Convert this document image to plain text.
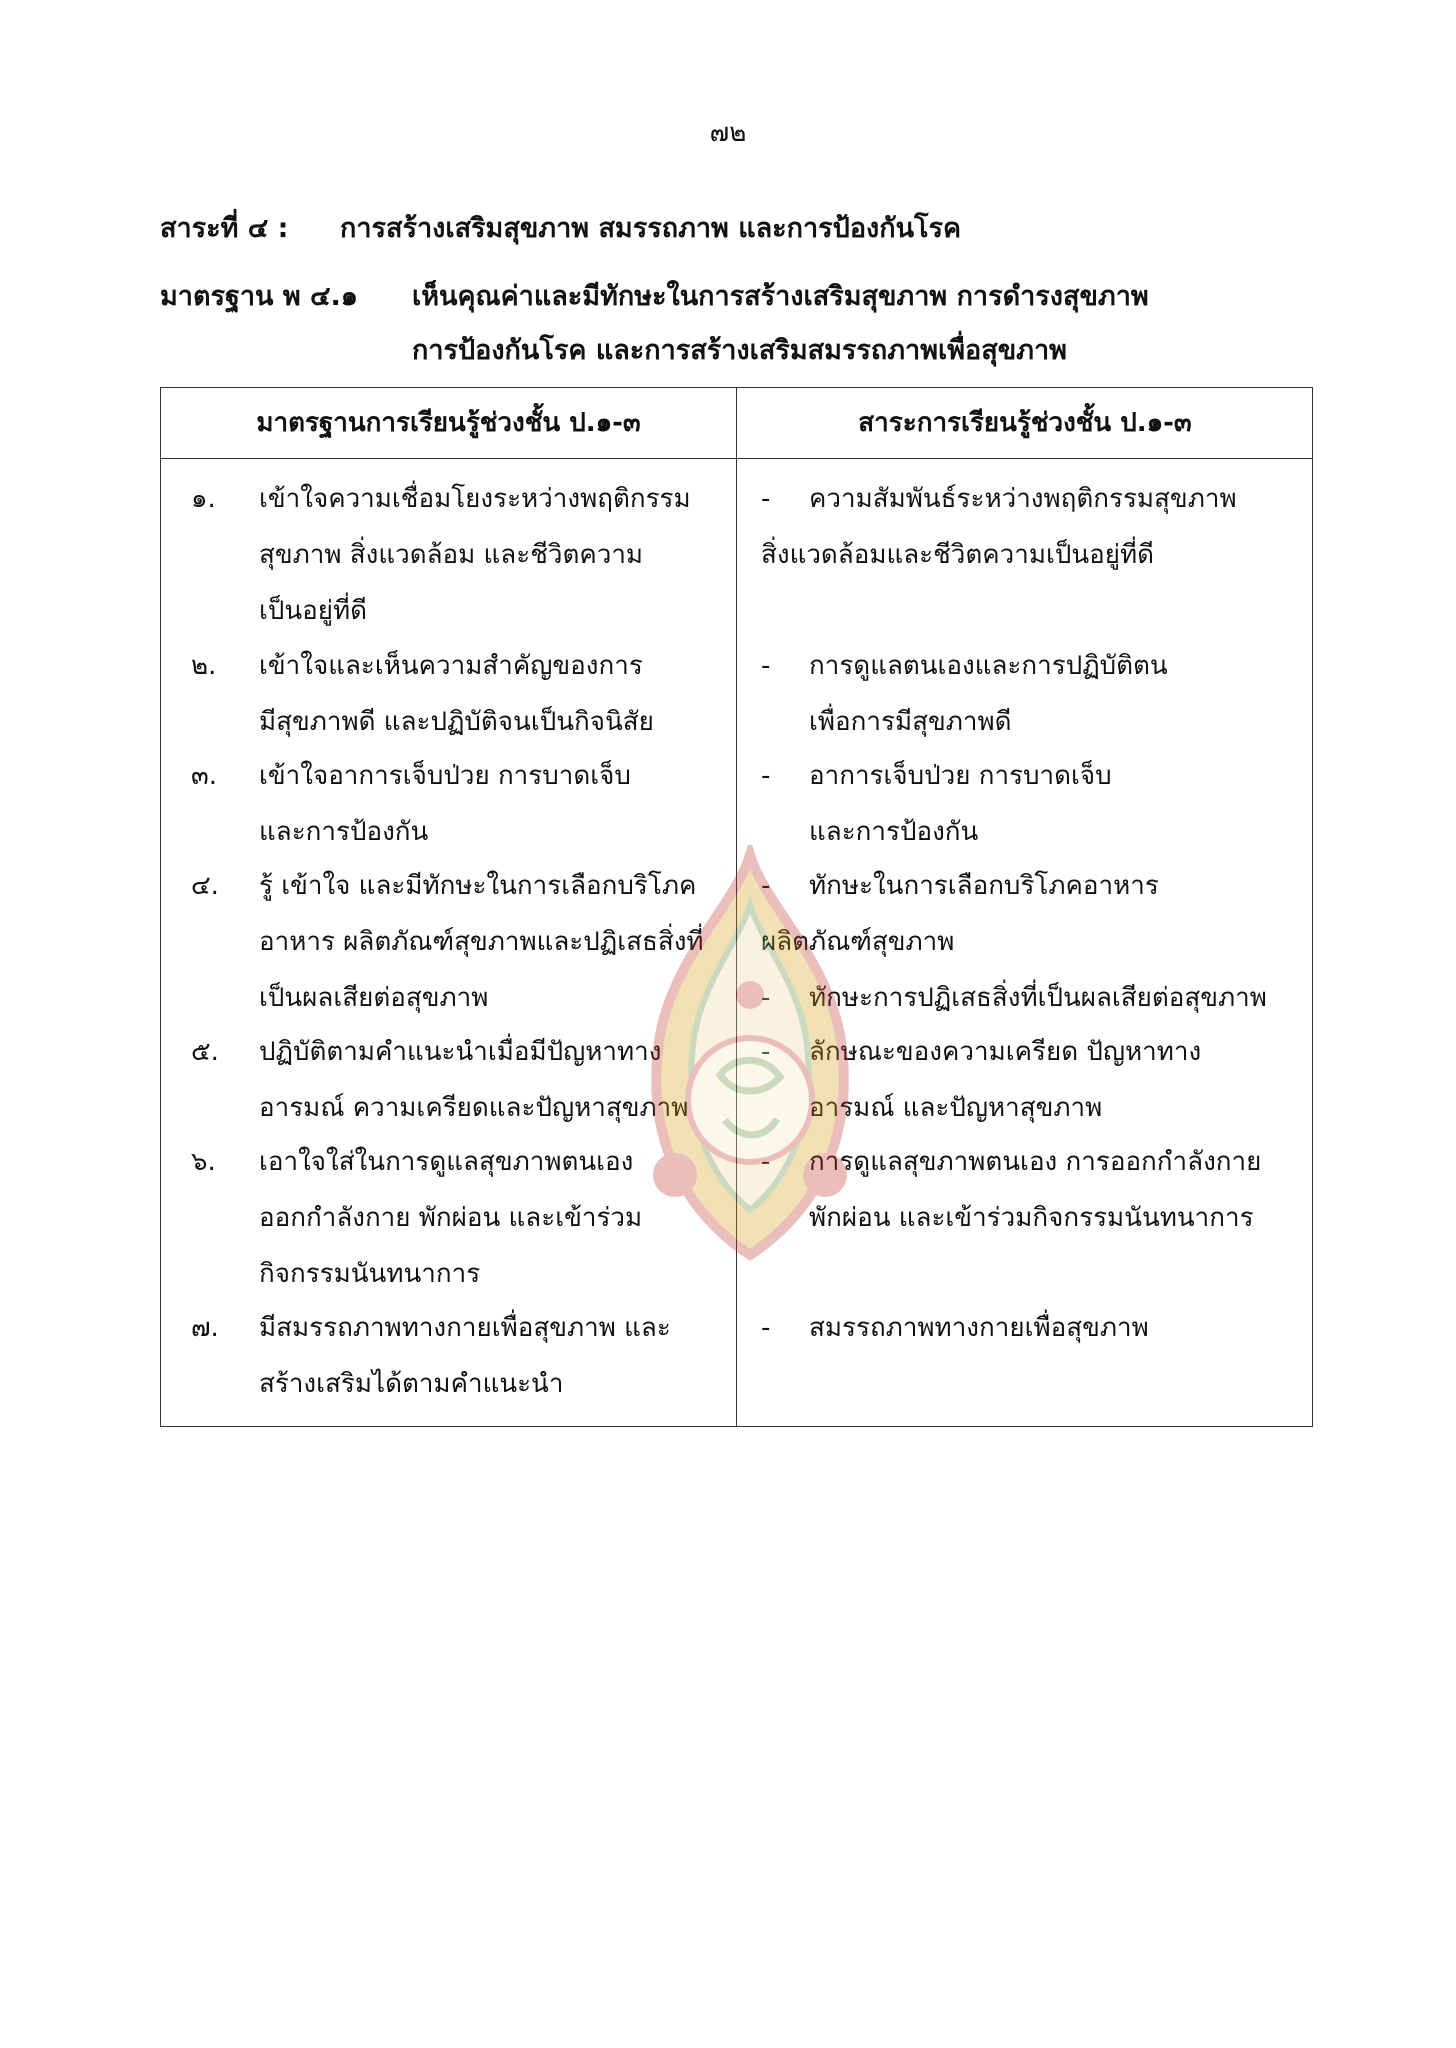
๗๒
สาระที่ ๔ : การสร้างเสริมสุขภาพ สมรรถภาพ และการป้องกันโรค
มาตรฐาน พ ๔.๑ เห็นคุณค่าและมีทักษะในการสร้างเสริมสุขภาพ การดำรงสุขภาพ
การป้องกันโรค และการสร้างเสริมสมรรถภาพเพื่อสุขภาพ
มาตรฐานการเรียนรู้ช่วงชั้น ป.๑-๓	สาระการเรียนรู้ช่วงชั้น ป.๑-๓
๑. เข้าใจความเชื่อมโยงระหว่างพฤติกรรม
สุขภาพ สิ่งแวดล้อม และชีวิตความ
เป็นอยู่ที่ดี
๒. เข้าใจและเห็นความสำคัญของการ
มีสุขภาพดี และปฏิบัติจนเป็นกิจนิสัย
๓. เข้าใจอาการเจ็บป่วย การบาดเจ็บ
และการป้องกัน
๔. รู้ เข้าใจ และมีทักษะในการเลือกบริโภค
อาหาร ผลิตภัณฑ์สุขภาพและปฏิเสธสิ่งที่
เป็นผลเสียต่อสุขภาพ
๕. ปฏิบัติตามคำแนะนำเมื่อมีปัญหาทาง
อารมณ์ ความเครียดและปัญหาสุขภาพ
๖. เอาใจใส่ในการดูแลสุขภาพตนเอง
ออกกำลังกาย พักผ่อน และเข้าร่วม
กิจกรรมนันทนาการ
๗. มีสมรรถภาพทางกายเพื่อสุขภาพ และ
สร้างเสริมได้ตามคำแนะนำ
- ความสัมพันธ์ระหว่างพฤติกรรมสุขภาพ
สิ่งแวดล้อมและชีวิตความเป็นอยู่ที่ดี
- การดูแลตนเองและการปฏิบัติตน
เพื่อการมีสุขภาพดี
- อาการเจ็บป่วย การบาดเจ็บ
และการป้องกัน
- ทักษะในการเลือกบริโภคอาหาร
ผลิตภัณฑ์สุขภาพ
- ทักษะการปฏิเสธสิ่งที่เป็นผลเสียต่อสุขภาพ
- ลักษณะของความเครียด ปัญหาทาง
อารมณ์ และปัญหาสุขภาพ
- การดูแลสุขภาพตนเอง การออกกำลังกาย
พักผ่อน และเข้าร่วมกิจกรรมนันทนาการ
- สมรรถภาพทางกายเพื่อสุขภาพ
